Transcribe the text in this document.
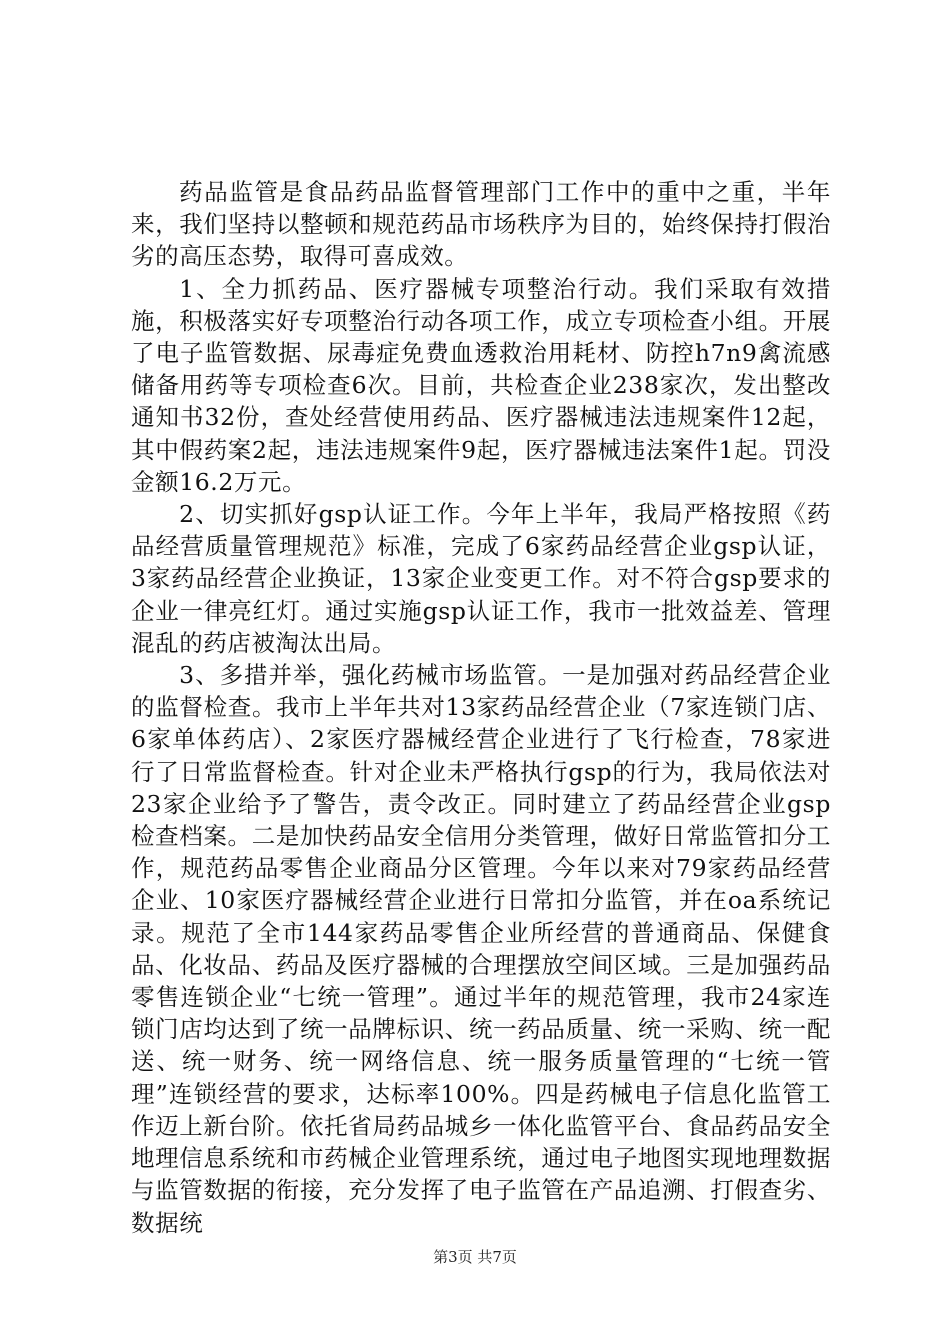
药品监管是食品药品监督管理部门工作中的重中之重，半年来，我们坚持以整顿和规范药品市场秩序为目的，始终保持打假治劣的高压态势，取得可喜成效。

1、全力抓药品、医疗器械专项整治行动。我们采取有效措施，积极落实好专项整治行动各项工作，成立专项检查小组。开展了电子监管数据、尿毒症免费血透救治用耗材、防控h7n9禽流感储备用药等专项检查6次。目前，共检查企业238家次，发出整改通知书32份，查处经营使用药品、医疗器械违法违规案件12起，其中假药案2起，违法违规案件9起，医疗器械违法案件1起。罚没金额16.2万元。

2、切实抓好gsp认证工作。今年上半年，我局严格按照《药品经营质量管理规范》标准，完成了6家药品经营企业gsp认证，3家药品经营企业换证，13家企业变更工作。对不符合gsp要求的企业一律亮红灯。通过实施gsp认证工作，我市一批效益差、管理混乱的药店被淘汰出局。

3、多措并举，强化药械市场监管。一是加强对药品经营企业的监督检查。我市上半年共对13家药品经营企业（7家连锁门店、6家单体药店）、2家医疗器械经营企业进行了飞行检查，78家进行了日常监督检查。针对企业未严格执行gsp的行为，我局依法对23家企业给予了警告，责令改正。同时建立了药品经营企业gsp检查档案。二是加快药品安全信用分类管理，做好日常监管扣分工作，规范药品零售企业商品分区管理。今年以来对79家药品经营企业、10家医疗器械经营企业进行日常扣分监管，并在oa系统记录。规范了全市144家药品零售企业所经营的普通商品、保健食品、化妆品、药品及医疗器械的合理摆放空间区域。三是加强药品零售连锁企业“七统一管理”。通过半年的规范管理，我市24家连锁门店均达到了统一品牌标识、统一药品质量、统一采购、统一配送、统一财务、统一网络信息、统一服务质量管理的“七统一管理”连锁经营的要求，达标率100%。四是药械电子信息化监管工作迈上新台阶。依托省局药品城乡一体化监管平台、食品药品安全地理信息系统和市药械企业管理系统，通过电子地图实现地理数据与监管数据的衔接，充分发挥了电子监管在产品追溯、打假查劣、数据统

第3页 共7页
